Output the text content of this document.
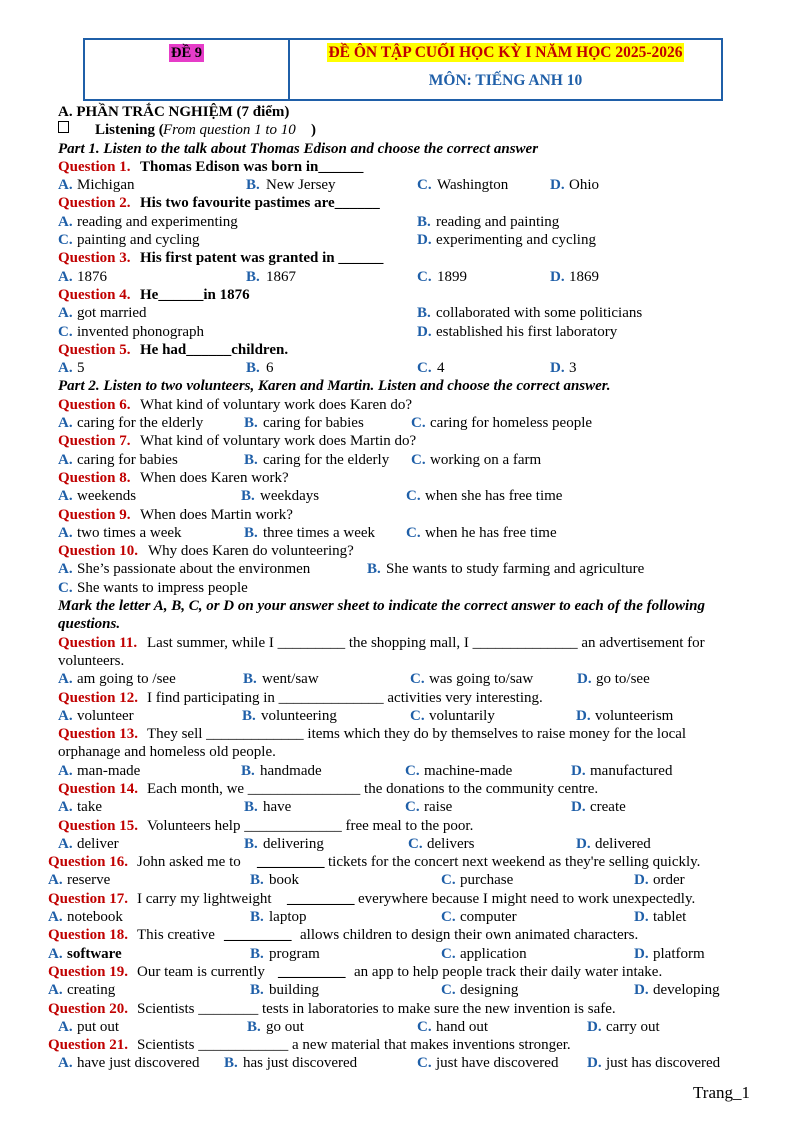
ĐỀ 9	ĐỀ ÔN TẬP CUỐI HỌC KỲ I NĂM HỌC 2025-2026
MÔN: TIẾNG ANH 10
A. PHẦN TRẮC NGHIỆM (7 điểm)
Listening ( From question 1 to 10 )
Part 1. Listen to the talk about Thomas Edison and choose the correct answer
Question 1. Thomas Edison was born in______
A. Michigan	B. New Jersey	C. Washington	D. Ohio
Question 2. His two favourite pastimes are______
A. reading and experimenting	B. reading and painting
C. painting and cycling	D. experimenting and cycling
Question 3. His first patent was granted in ______
A. 1876	B. 1867	C. 1899	D. 1869
Question 4. He______in 1876
A. got married	B. collaborated with some politicians
C. invented phonograph	D. established his first laboratory
Question 5. He had______children.
A. 5	B. 6	C. 4	D. 3
Part 2. Listen to two volunteers, Karen and Martin. Listen and choose the correct answer.
Question 6. What kind of voluntary work does Karen do?
A. caring for the elderly	B. caring for babies	C. caring for homeless people
Question 7. What kind of voluntary work does Martin do?
A. caring for babies	B. caring for the elderly C. working on a farm
Question 8. When does Karen work?
A. weekends	B. weekdays	C. when she has free time
Question 9. When does Martin work?
A. two times a week	B. three times a week C. when he has free time
Question 10. Why does Karen do volunteering?
A. She’s passionate about the environmen	B. She wants to study farming and agriculture
C. She wants to impress people
Mark the letter A, B, C, or D on your answer sheet to indicate the correct answer to each of the following
questions.
Question 11. Last summer, while I _________ the shopping mall, I ______________ an advertisement for
volunteers.
A. am going to /see	B. went/saw	C. was going to/saw	D. go to/see
Question 12. I find participating in ______________ activities very interesting.
A. volunteer	B. volunteering	C. voluntarily	D. volunteerism
Question 13. They sell _____________ items which they do by themselves to raise money for the local
orphanage and homeless old people.
A. man-made	B. handmade	C. machine-made	D. manufactured
Question 14. Each month, we _______________ the donations to the community centre.
A. take	B. have	C. raise	D. create
Question 15. Volunteers help _____________ free meal to the poor.
A. deliver	B. delivering	C. delivers	D. delivered
Question 16. John asked me to _________ tickets for the concert next weekend as they're selling quickly.
A. reserve	B. book	C. purchase	D. order
Question 17. I carry my lightweight _________ everywhere because I might need to work unexpectedly.
A. notebook	B. laptop	C. computer	D. tablet
Question 18. This creative _________ allows children to design their own animated characters.
A. software	B. program	C. application	D. platform
Question 19. Our team is currently _________ an app to help people track their daily water intake.
A. creating	B. building	C. designing	D. developing
Question 20. Scientists ________ tests in laboratories to make sure the new invention is safe.
A. put out	B. go out	C. hand out	D. carry out
Question 21. Scientists ____________ a new material that makes inventions stronger.
A. have just discovered B. has just discovered	C. just have discovered D. just has discovered
Trang_1
